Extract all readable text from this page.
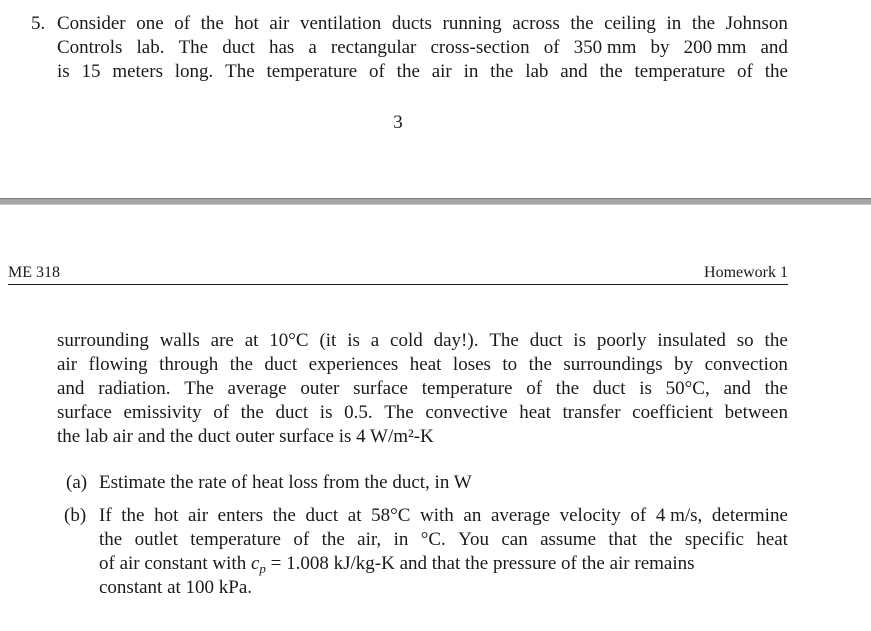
5. Consider one of the hot air ventilation ducts running across the ceiling in the Johnson
Controls lab. The duct has a rectangular cross-section of 350 mm by 200 mm and
is 15 meters long. The temperature of the air in the lab and the temperature of the
3
ME 318	Homework 1
surrounding walls are at 10°C (it is a cold day!). The duct is poorly insulated so the
air flowing through the duct experiences heat loses to the surroundings by convection
and radiation. The average outer surface temperature of the duct is 50°C, and the
surface emissivity of the duct is 0.5. The convective heat transfer coefficient between
the lab air and the duct outer surface is 4 W/m²-K
(a) Estimate the rate of heat loss from the duct, in W
(b) If the hot air enters the duct at 58°C with an average velocity of 4 m/s, determine
the outlet temperature of the air, in °C. You can assume that the specific heat
of air constant with $c_p = 1.008$ kJ/kg-K and that the pressure of the air remains
constant at 100 kPa.
